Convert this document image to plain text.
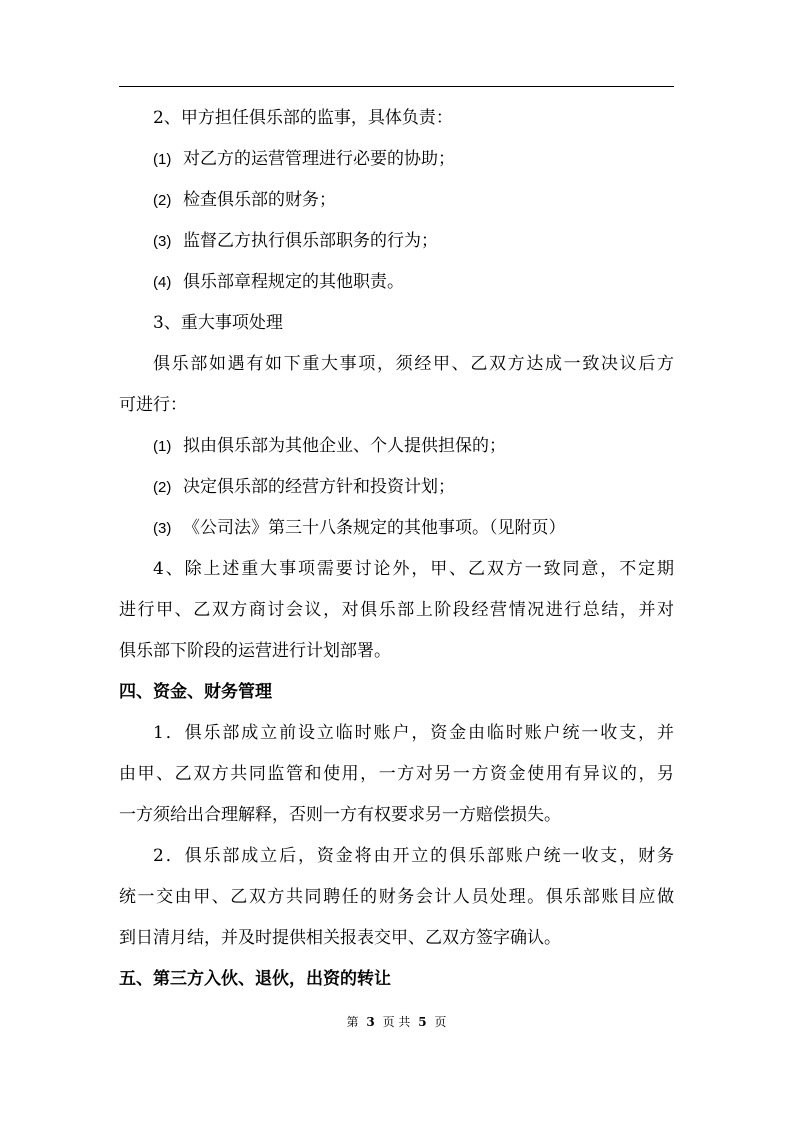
2、甲方担任俱乐部的监事，具体负责：
(1) 对乙方的运营管理进行必要的协助；
(2) 检查俱乐部的财务；
(3) 监督乙方执行俱乐部职务的行为；
(4) 俱乐部章程规定的其他职责。
3、重大事项处理
俱乐部如遇有如下重大事项，须经甲、乙双方达成一致决议后方
可进行：
(1) 拟由俱乐部为其他企业、个人提供担保的；
(2) 决定俱乐部的经营方针和投资计划；
(3) 《公司法》第三十八条规定的其他事项。（见附页）
4、除上述重大事项需要讨论外，甲、乙双方一致同意，不定期
进行甲、乙双方商讨会议，对俱乐部上阶段经营情况进行总结，并对
俱乐部下阶段的运营进行计划部署。
四、资金、财务管理
1．俱乐部成立前设立临时账户，资金由临时账户统一收支，并
由甲、乙双方共同监管和使用，一方对另一方资金使用有异议的，另
一方须给出合理解释，否则一方有权要求另一方赔偿损失。
2．俱乐部成立后，资金将由开立的俱乐部账户统一收支，财务
统一交由甲、乙双方共同聘任的财务会计人员处理。俱乐部账目应做
到日清月结，并及时提供相关报表交甲、乙双方签字确认。
五、第三方入伙、退伙，出资的转让
第 3 页 共 5 页
